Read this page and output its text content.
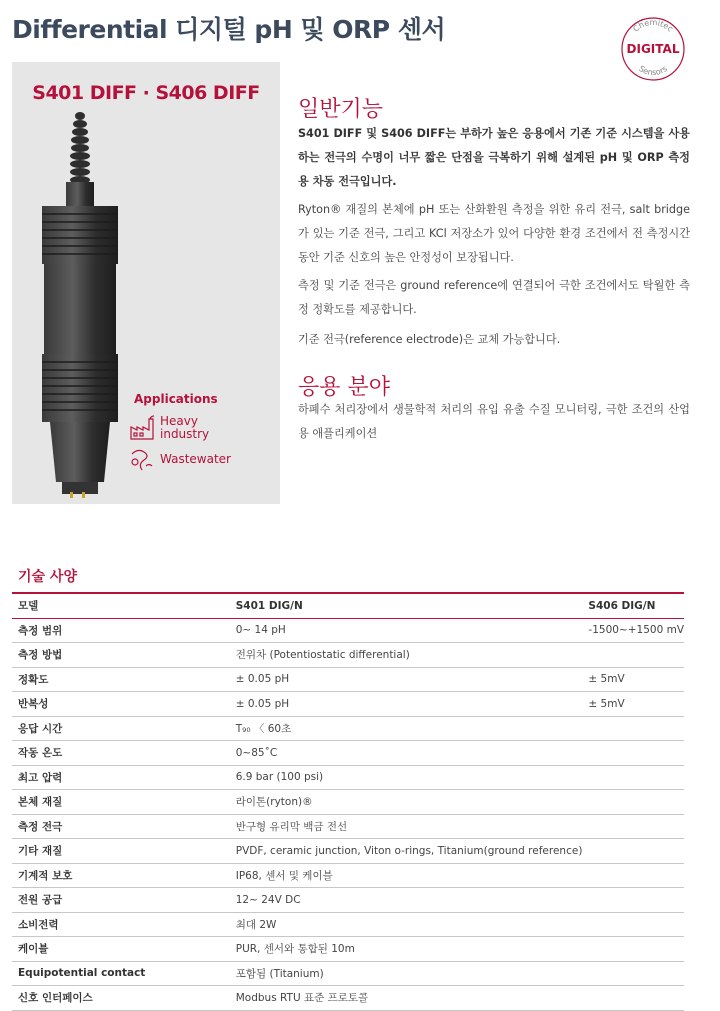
Differential 디지털 pH 및 ORP 센서	Chemitec
DIGITAL
Sensors
S401 DIFF · S406 DIFF
Applications
Heavy
industry
Wastewater
일반기능
S401 DIFF 및 S406 DIFF는 부하가 높은 응용에서 기존 기준 시스템을 사용하는 전극의 수명이 너무 짧은 단점을 극복하기 위해 설계된 pH 및 ORP 측정용 차동 전극입니다.
Ryton® 재질의 본체에 pH 또는 산화환원 측정을 위한 유리 전극, salt bridge가 있는 기준 전극, 그리고 KCl 저장소가 있어 다양한 환경 조건에서 전 측정시간 동안 기준 신호의 높은 안정성이 보장됩니다.
측정 및 기준 전극은 ground reference에 연결되어 극한 조건에서도 탁월한 측정 정확도를 제공합니다.
기준 전극(reference electrode)은 교체 가능합니다.
응용 분야
하폐수 처리장에서 생물학적 처리의 유입 유출 수질 모니터링, 극한 조건의 산업용 애플리케이션
기술 사양
모델	S401 DIG/N	S406 DIG/N
측정 범위	0~ 14 pH	-1500~+1500 mV
측정 방법	전위차 (Potentiostatic differential)	
정확도	± 0.05 pH	± 5mV
반복성	± 0.05 pH	± 5mV
응답 시간	T₉₀ 〈 60초	
작동 온도	0~85˚C	
최고 압력	6.9 bar (100 psi)	
본체 재질	라이톤(ryton)®	
측정 전극	반구형 유리막 백금 전선	
기타 재질	PVDF, ceramic junction, Viton o-rings, Titanium(ground reference)	
기계적 보호	IP68, 센서 및 케이블	
전원 공급	12~ 24V DC	
소비전력	최대 2W	
케이블	PUR, 센서와 통합된 10m	
Equipotential contact	포함됨 (Titanium)	
신호 인터페이스	Modbus RTU 표준 프로토콜	
